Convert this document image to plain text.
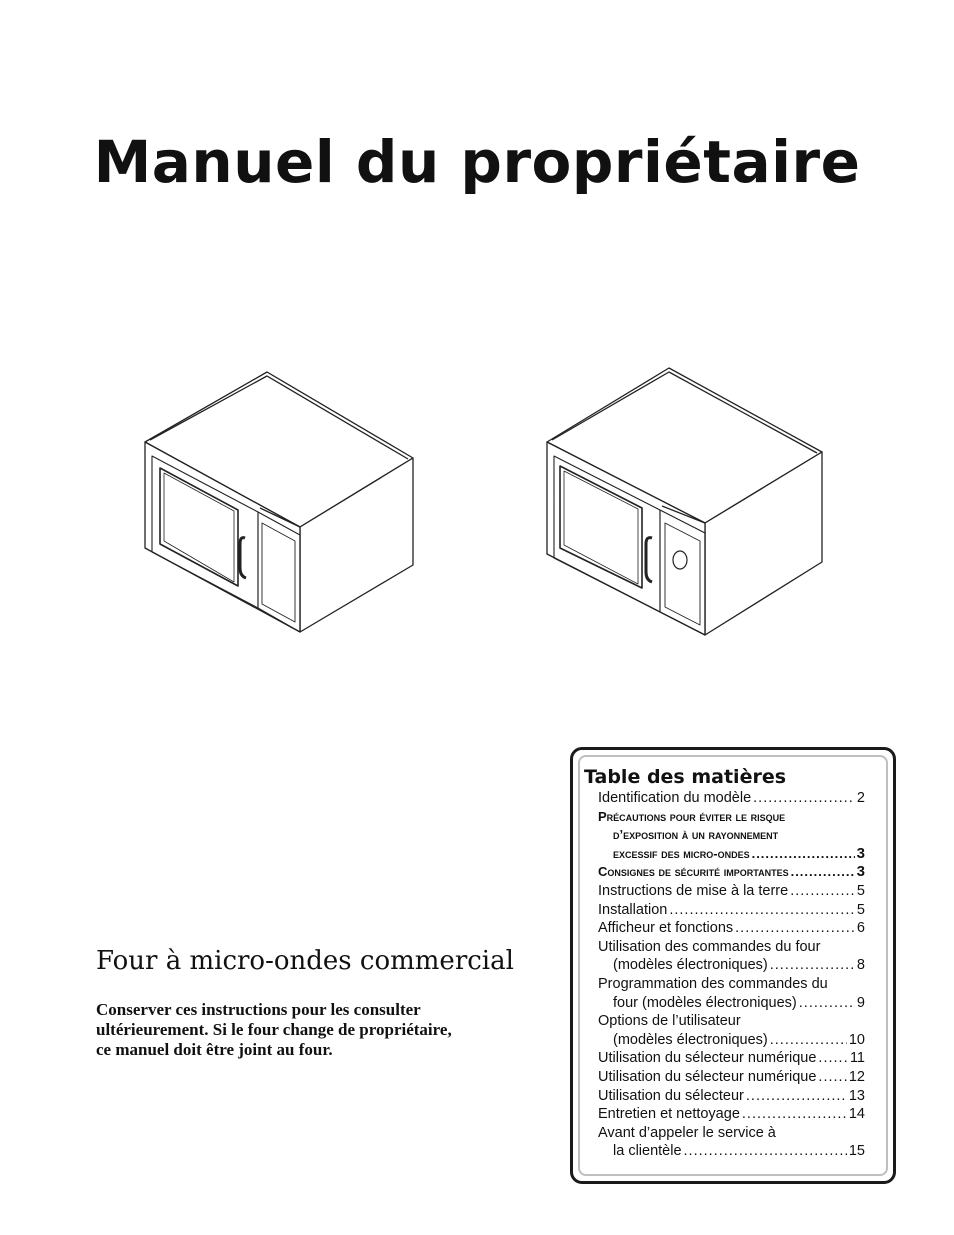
Manuel du propriétaire
Four à micro-ondes commercial
Conserver ces instructions pour les consulter
ultérieurement. Si le four change de propriétaire,
ce manuel doit être joint au four.
Table des matières
Identification du modèle .....	2
Précautions pour éviter le risque
d’exposition à un rayonnement
excessif des micro-ondes .....	3
Consignes de sécurité importantes .....	3
Instructions de mise à la terre .....	5
Installation .....	5
Afficheur et fonctions .....	6
Utilisation des commandes du four
(modèles électroniques) .....	8
Programmation des commandes du
four (modèles électroniques) .....	9
Options de l’utilisateur
(modèles électroniques) .....	10
Utilisation du sélecteur numérique ..... 11
Utilisation du sélecteur numérique ..... 12
Utilisation du sélecteur .....	13
Entretien et nettoyage .....	14
Avant d’appeler le service à
la clientèle .....	15
